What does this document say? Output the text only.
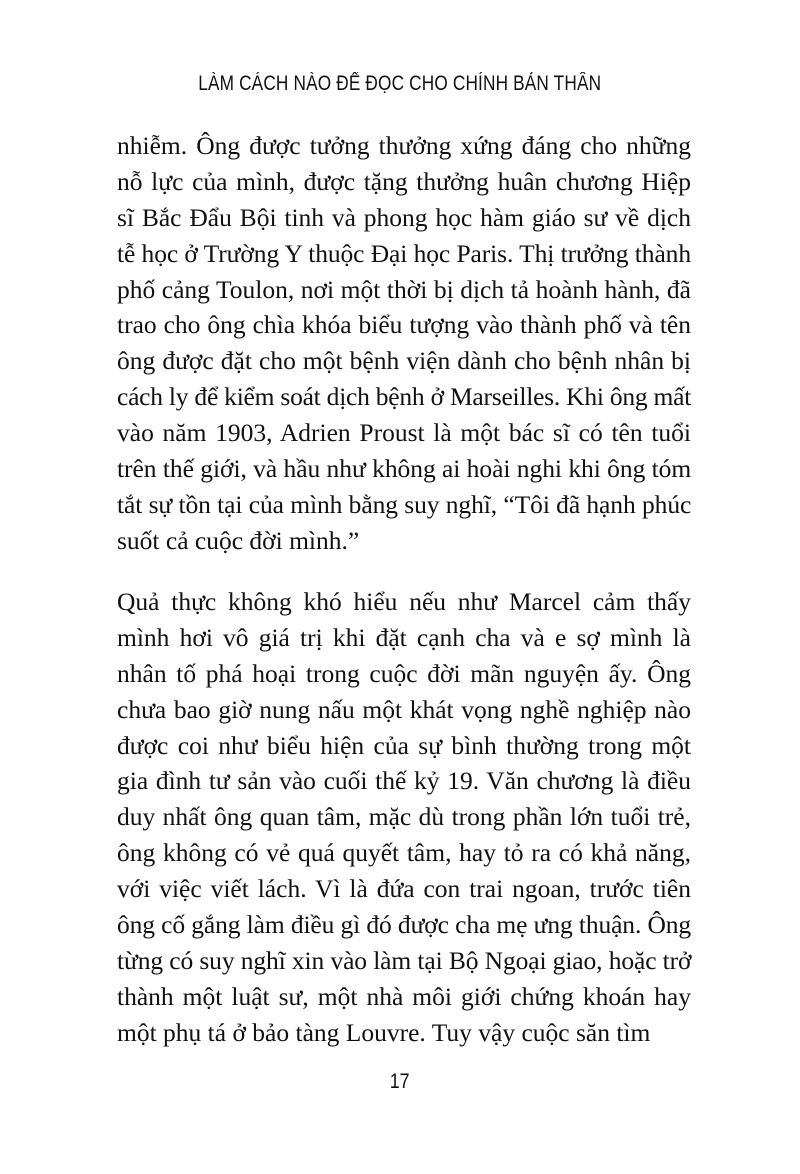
LÀM CÁCH NÀO ĐỂ ĐỌC CHO CHÍNH BẢN THÂN
nhiễm. Ông được tưởng thưởng xứng đáng cho những
nỗ lực của mình, được tặng thưởng huân chương Hiệp
sĩ Bắc Đẩu Bội tinh và phong học hàm giáo sư về dịch
tễ học ở Trường Y thuộc Đại học Paris. Thị trưởng thành
phố cảng Toulon, nơi một thời bị dịch tả hoành hành, đã
trao cho ông chìa khóa biểu tượng vào thành phố và tên
ông được đặt cho một bệnh viện dành cho bệnh nhân bị
cách ly để kiểm soát dịch bệnh ở Marseilles. Khi ông mất
vào năm 1903, Adrien Proust là một bác sĩ có tên tuổi
trên thế giới, và hầu như không ai hoài nghi khi ông tóm
tắt sự tồn tại của mình bằng suy nghĩ, “Tôi đã hạnh phúc
suốt cả cuộc đời mình.”
Quả thực không khó hiểu nếu như Marcel cảm thấy
mình hơi vô giá trị khi đặt cạnh cha và e sợ mình là
nhân tố phá hoại trong cuộc đời mãn nguyện ấy. Ông
chưa bao giờ nung nấu một khát vọng nghề nghiệp nào
được coi như biểu hiện của sự bình thường trong một
gia đình tư sản vào cuối thế kỷ 19. Văn chương là điều
duy nhất ông quan tâm, mặc dù trong phần lớn tuổi trẻ,
ông không có vẻ quá quyết tâm, hay tỏ ra có khả năng,
với việc viết lách. Vì là đứa con trai ngoan, trước tiên
ông cố gắng làm điều gì đó được cha mẹ ưng thuận. Ông
từng có suy nghĩ xin vào làm tại Bộ Ngoại giao, hoặc trở
thành một luật sư, một nhà môi giới chứng khoán hay
một phụ tá ở bảo tàng Louvre. Tuy vậy cuộc săn tìm
17
